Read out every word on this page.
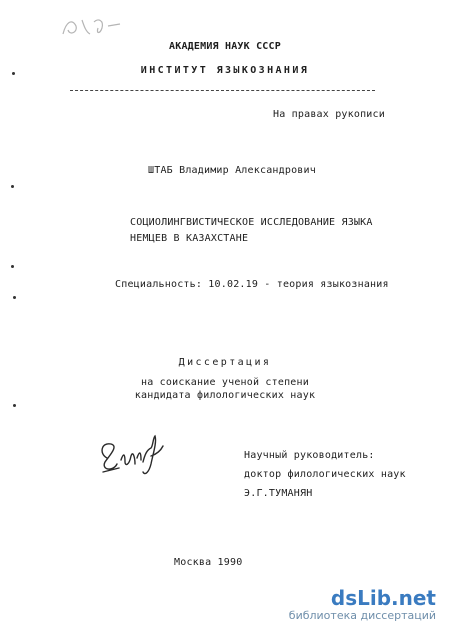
АКАДЕМИЯ НАУК СССР
ИНСТИТУТ ЯЗЫКОЗНАНИЯ
На правах рукописи
ШТАБ Владимир Александрович
СОЦИОЛИНГВИСТИЧЕСКОЕ ИССЛЕДОВАНИЕ ЯЗЫКА
НЕМЦЕВ В КАЗАХСТАНЕ
Специальность: 10.02.19 - теория языкознания
Диссертация
на соискание ученой степени
кандидата филологических наук
Научный руководитель:
доктор филологических наук
Э.Г.ТУМАНЯН
Москва 1990
dsLib.net
библиотека диссертаций
